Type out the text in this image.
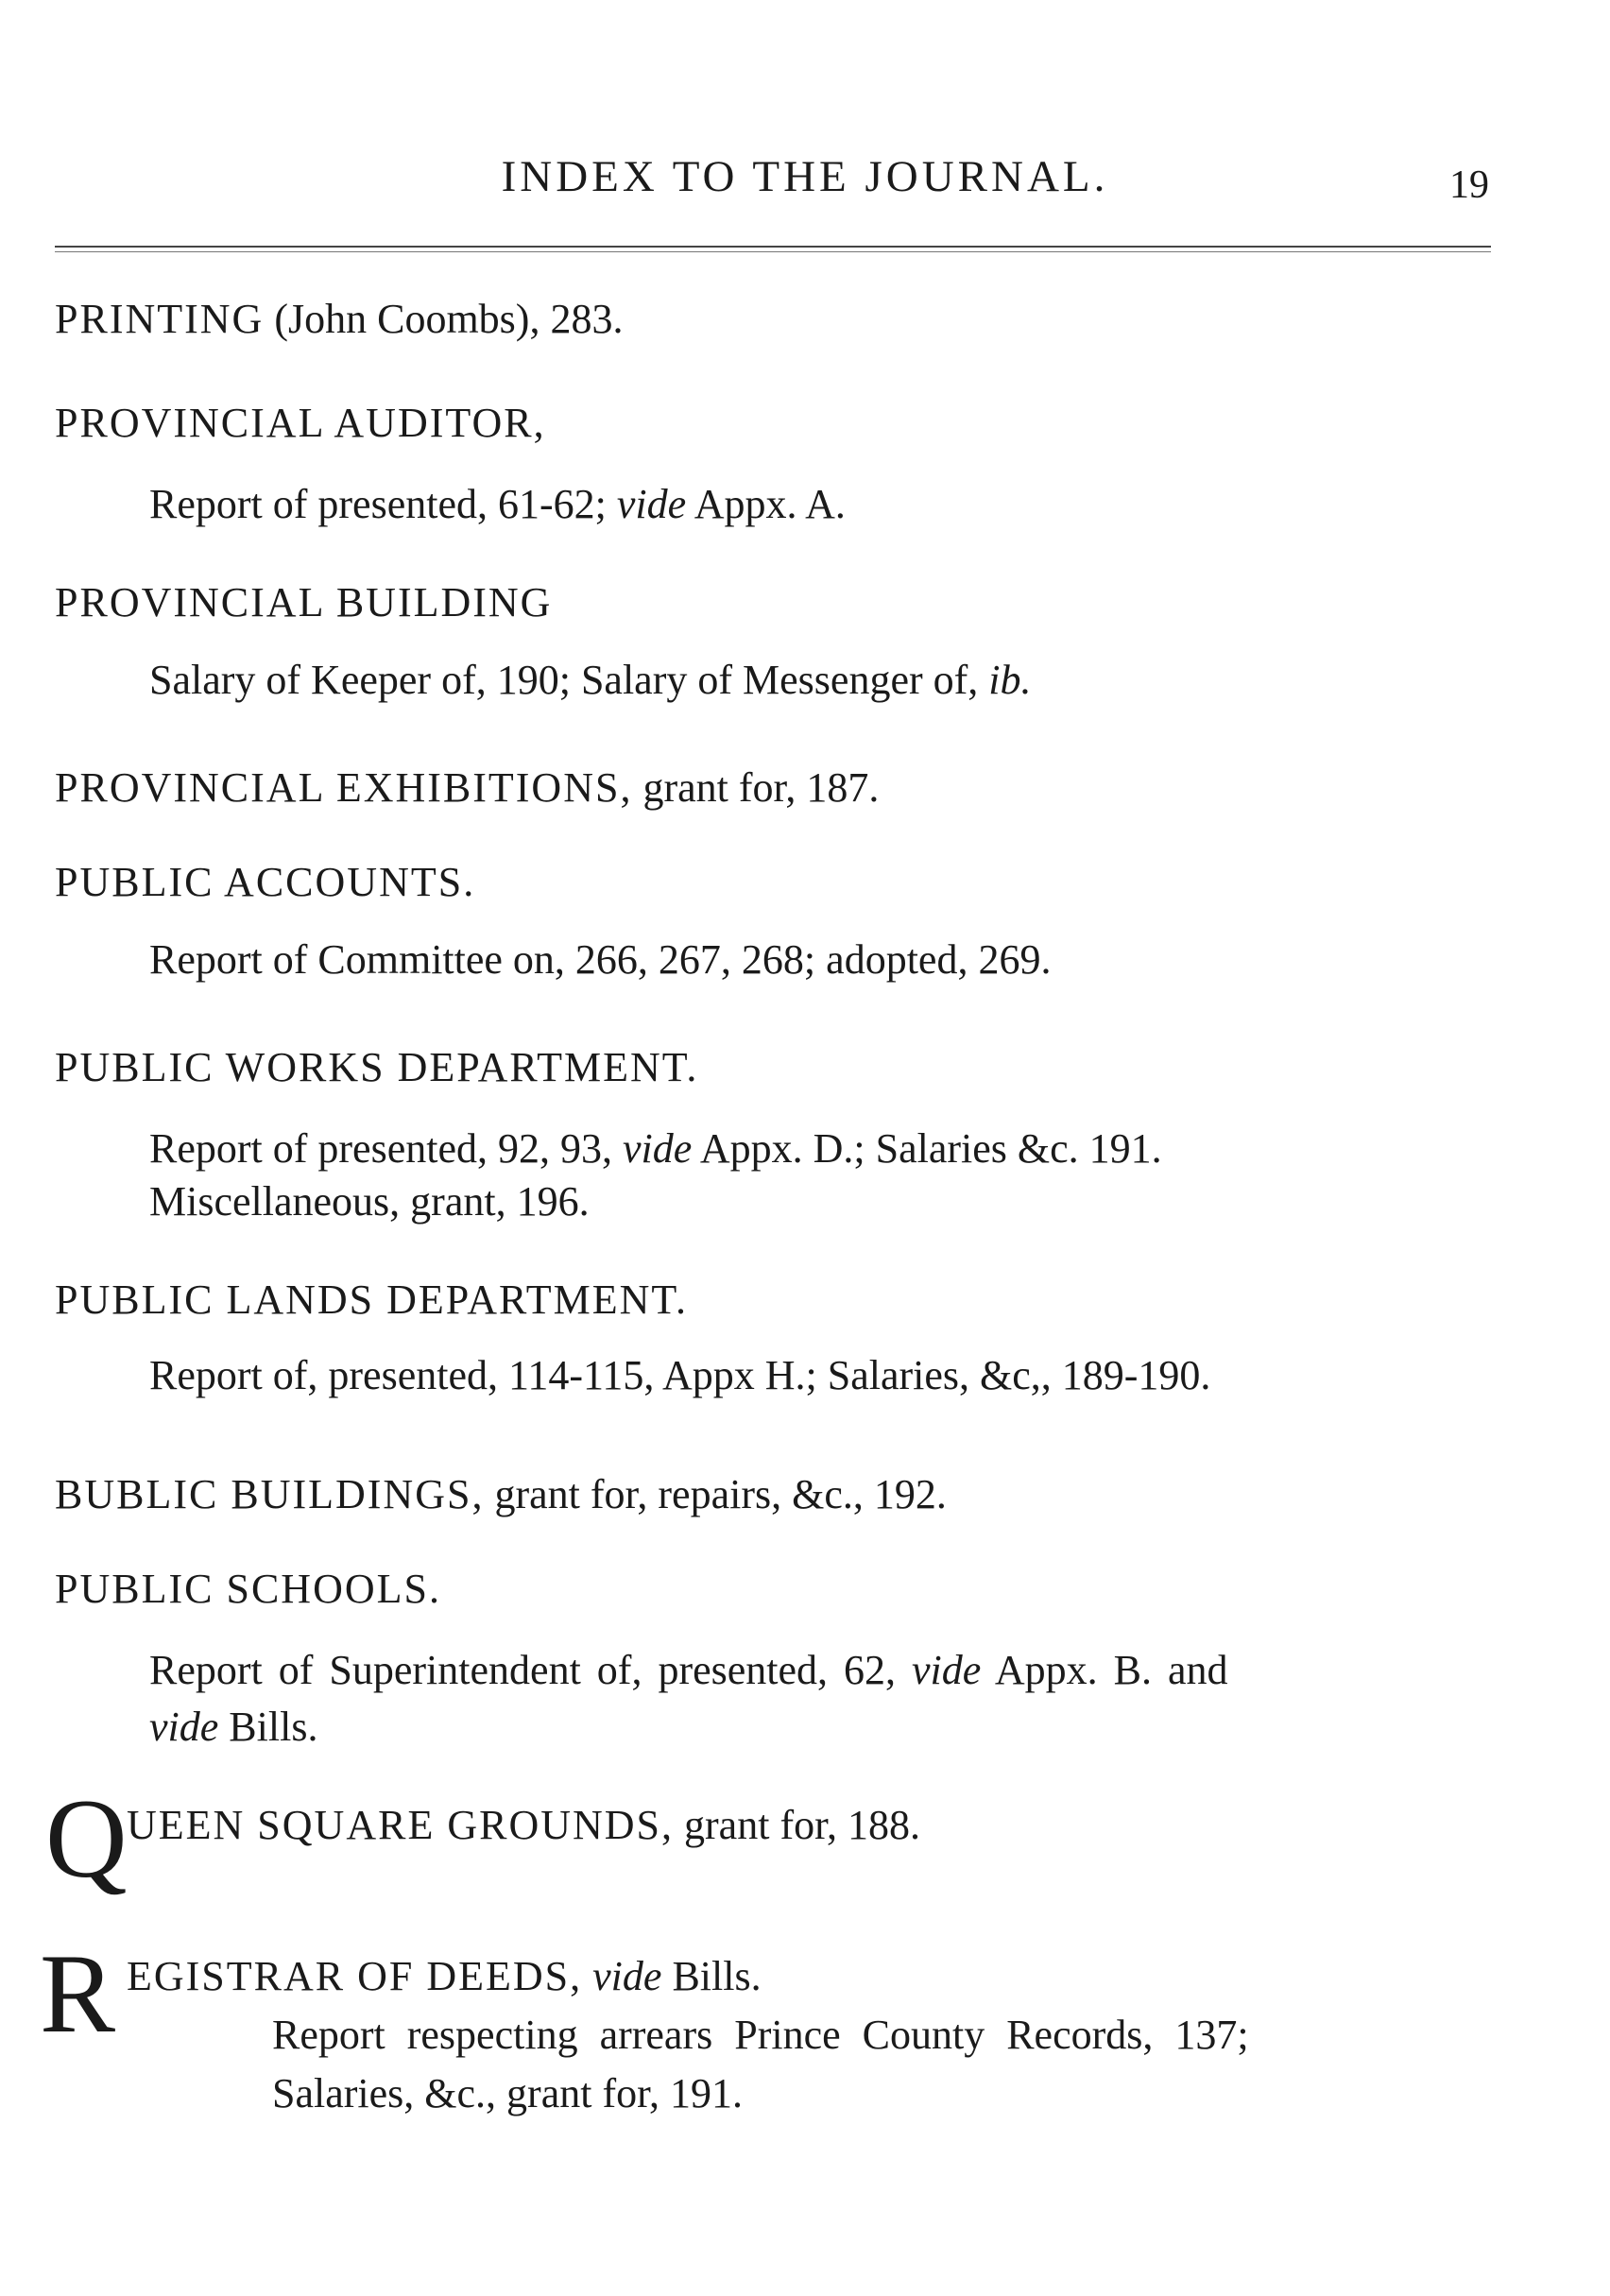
INDEX TO THE JOURNAL.	19
PRINTING (John Coombs), 283.
PROVINCIAL AUDITOR,
Report of presented, 61-62; vide Appx. A.
PROVINCIAL BUILDING
Salary of Keeper of, 190; Salary of Messenger of, ib.
PROVINCIAL EXHIBITIONS, grant for, 187.
PUBLIC ACCOUNTS.
Report of Committee on, 266, 267, 268; adopted, 269.
PUBLIC WORKS DEPARTMENT.
Report of presented, 92, 93, vide Appx. D.; Salaries &c. 191.
Miscellaneous, grant, 196.
PUBLIC LANDS DEPARTMENT.
Report of, presented, 114-115, Appx H.; Salaries, &c,, 189-190.
BUBLIC BUILDINGS, grant for, repairs, &c., 192.
PUBLIC SCHOOLS.
Report of Superintendent of, presented, 62, vide Appx. B. and
vide Bills.
Q UEEN SQUARE GROUNDS, grant for, 188.
R EGISTRAR OF DEEDS, vide Bills.
Report respecting arrears Prince County Records, 137;
Salaries, &c., grant for, 191.
